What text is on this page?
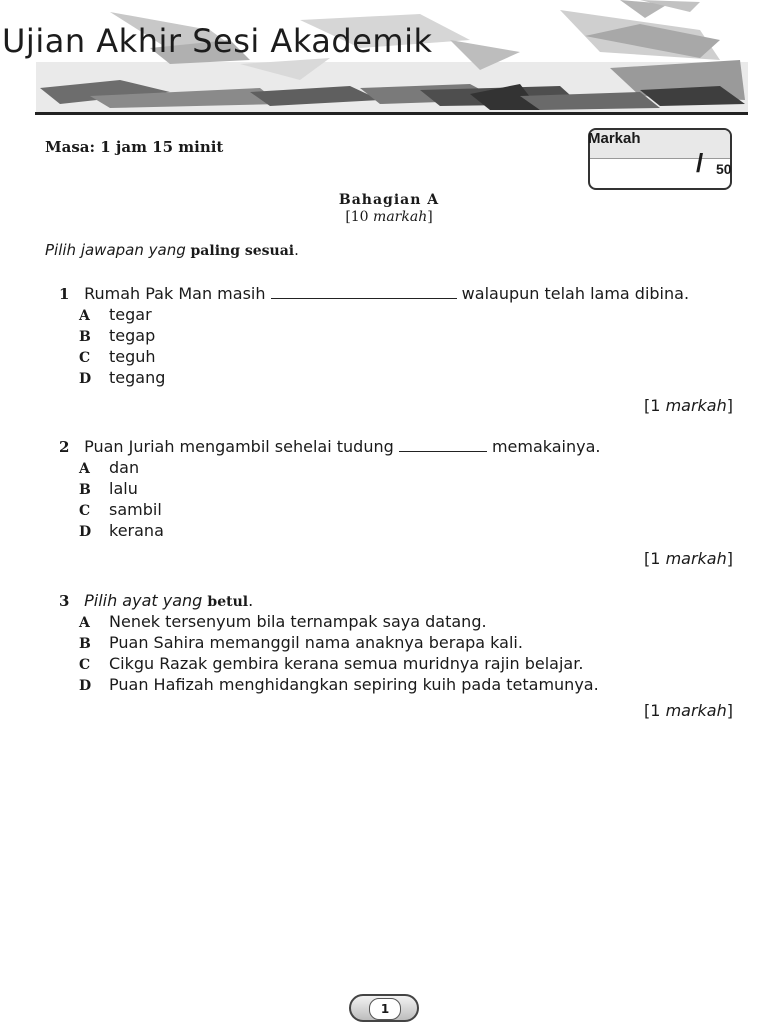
Ujian Akhir Sesi Akademik
Masa: 1 jam 15 minit	Markah
/ 50
Bahagian A
[10 markah]
Pilih jawapan yang paling sesuai.
1 Rumah Pak Man masih	walaupun telah lama dibina.
A tegar
B tegap
C teguh
D tegang
[1 markah]
2 Puan Juriah mengambil sehelai tudung	memakainya.
A dan
B lalu
C sambil
D kerana
[1 markah]
3 Pilih ayat yang betul.
A Nenek tersenyum bila ternampak saya datang.
B Puan Sahira memanggil nama anaknya berapa kali.
C Cikgu Razak gembira kerana semua muridnya rajin belajar.
D Puan Hafizah menghidangkan sepiring kuih pada tetamunya.
[1 markah]
1
